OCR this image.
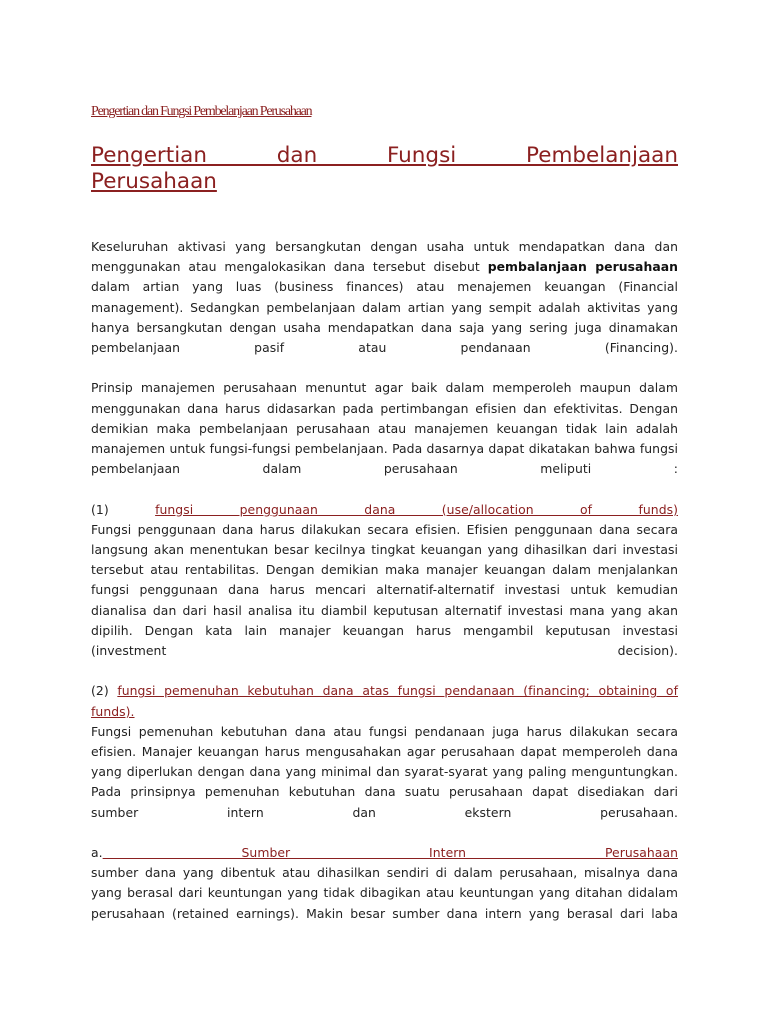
Pengertian dan Fungsi Pembelanjaan Perusahaan
Pengertian dan Fungsi Pembelanjaan
Perusahaan

Keseluruhan aktivasi yang bersangkutan dengan usaha untuk mendapatkan dana dan menggunakan atau mengalokasikan dana tersebut disebut pembalanjaan perusahaan dalam artian yang luas (business finances) atau menajemen keuangan (Financial management). Sedangkan pembelanjaan dalam artian yang sempit adalah aktivitas yang hanya bersangkutan dengan usaha mendapatkan dana saja yang sering juga dinamakan pembelanjaan pasif atau pendanaan (Financing).

Prinsip manajemen perusahaan menuntut agar baik dalam memperoleh maupun dalam menggunakan dana harus didasarkan pada pertimbangan efisien dan efektivitas. Dengan demikian maka pembelanjaan perusahaan atau manajemen keuangan tidak lain adalah manajemen untuk fungsi-fungsi pembelanjaan. Pada dasarnya dapat dikatakan bahwa fungsi pembelanjaan dalam perusahaan meliputi :

(1) fungsi penggunaan dana (use/allocation of funds)
Fungsi penggunaan dana harus dilakukan secara efisien. Efisien penggunaan dana secara langsung akan menentukan besar kecilnya tingkat keuangan yang dihasilkan dari investasi tersebut atau rentabilitas. Dengan demikian maka manajer keuangan dalam menjalankan fungsi penggunaan dana harus mencari alternatif-alternatif investasi untuk kemudian dianalisa dan dari hasil analisa itu diambil keputusan alternatif investasi mana yang akan dipilih. Dengan kata lain manajer keuangan harus mengambil keputusan investasi (investment decision).

(2) fungsi pemenuhan kebutuhan dana atas fungsi pendanaan (financing; obtaining of funds).
Fungsi pemenuhan kebutuhan dana atau fungsi pendanaan juga harus dilakukan secara efisien. Manajer keuangan harus mengusahakan agar perusahaan dapat memperoleh dana yang diperlukan dengan dana yang minimal dan syarat-syarat yang paling menguntungkan. Pada prinsipnya pemenuhan kebutuhan dana suatu perusahaan dapat disediakan dari sumber intern dan ekstern perusahaan.

a. Sumber Intern Perusahaan
sumber dana yang dibentuk atau dihasilkan sendiri di dalam perusahaan, misalnya dana yang berasal dari keuntungan yang tidak dibagikan atau keuntungan yang ditahan didalam perusahaan (retained earnings). Makin besar sumber dana intern yang berasal dari laba
